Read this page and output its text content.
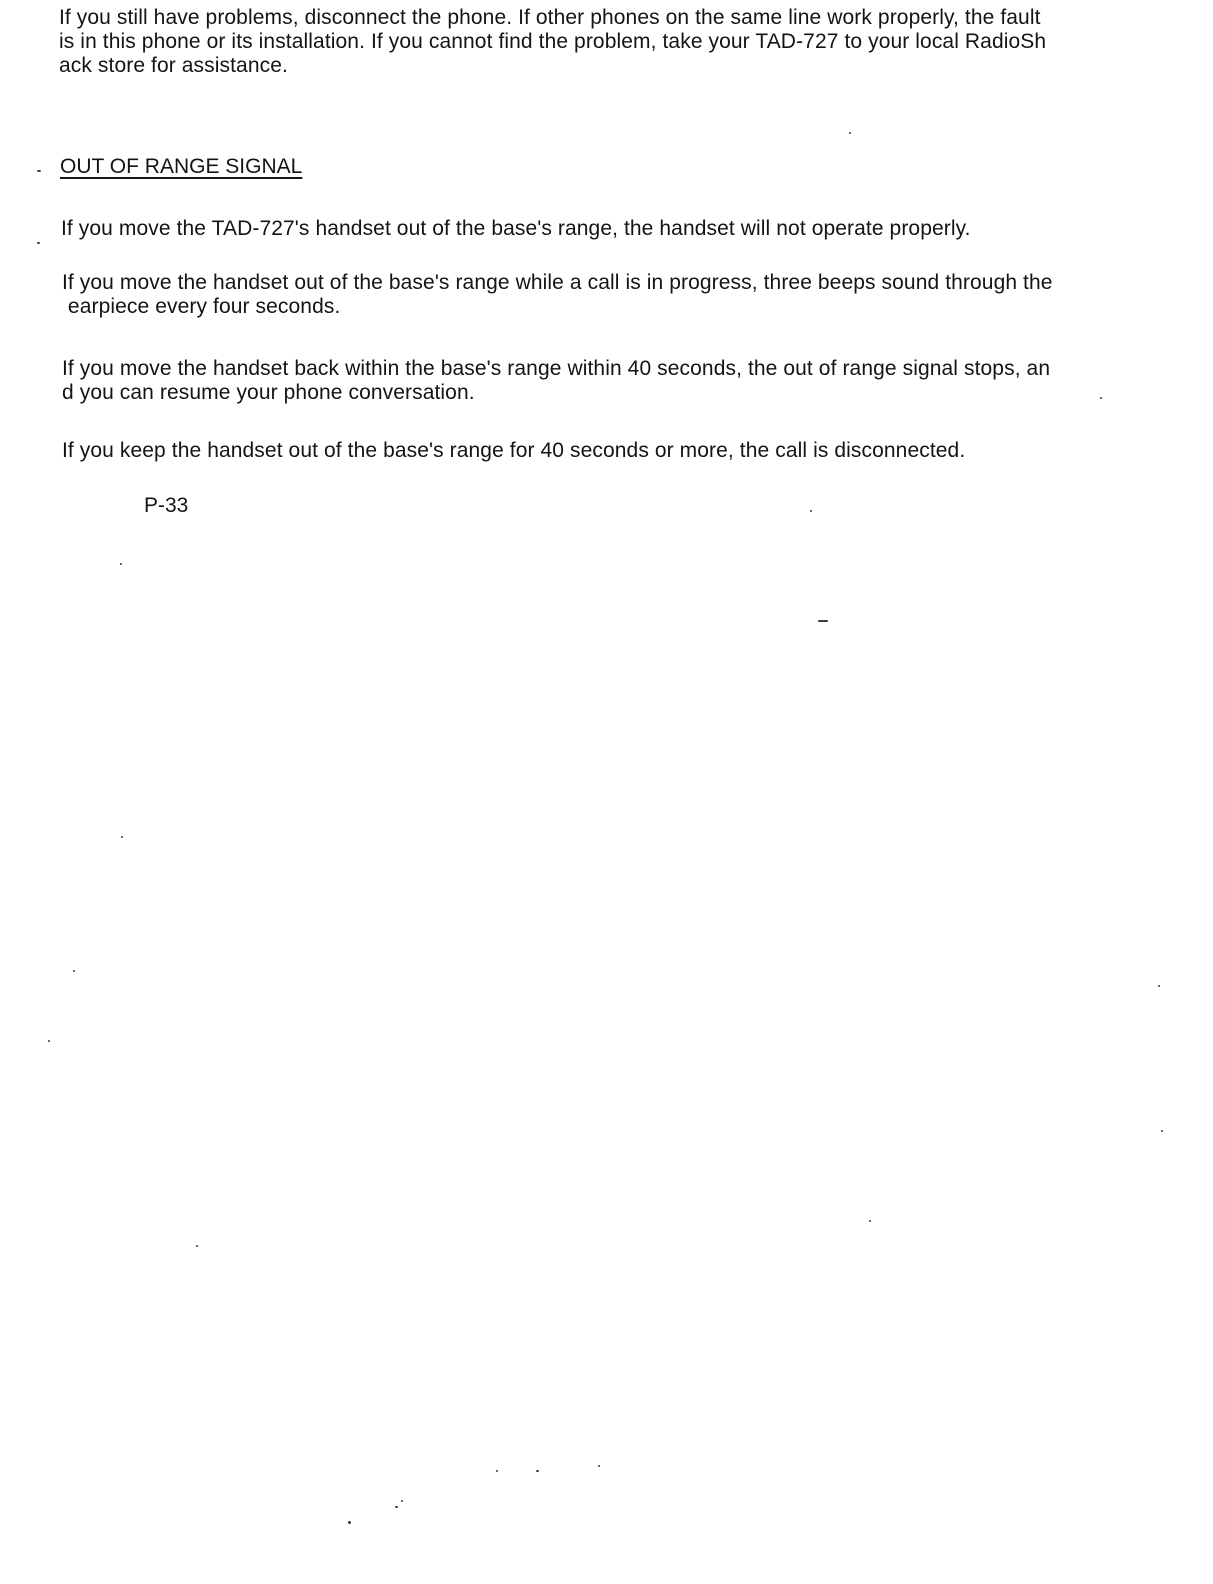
If you still have problems, disconnect the phone. If other phones on the same line work properly, the fault
is in this phone or its installation. If you cannot find the problem, take your TAD-727 to your local RadioSh
ack store for assistance.

OUT OF RANGE SIGNAL

If you move the TAD-727's handset out of the base's range, the handset will not operate properly.

If you move the handset out of the base's range while a call is in progress, three beeps sound through the
earpiece every four seconds.

If you move the handset back within the base's range within 40 seconds, the out of range signal stops, an
d you can resume your phone conversation.

If you keep the handset out of the base's range for 40 seconds or more, the call is disconnected.

P-33
